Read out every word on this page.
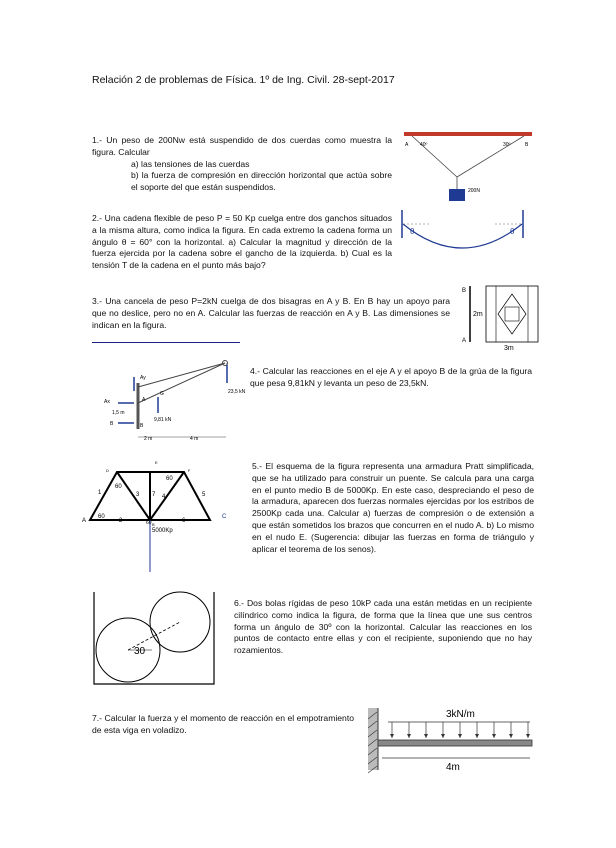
Relación 2 de problemas de Física. 1º de Ing. Civil. 28-sept-2017
1.- Un peso de 200Nw está suspendido de dos cuerdas como muestra la figura. Calcular

a) las tensiones de las cuerdas
b) la fuerza de compresión en dirección horizontal que actúa sobre el soporte del que están suspendidos.
A 40º	30º	B
200N
2.- Una cadena flexible de peso P = 50 Kp cuelga entre dos ganchos situados a la misma altura, como indica la figura. En cada extremo la cadena forma un ángulo θ = 60° con la horizontal. a) Calcular la magnitud y dirección de la fuerza ejercida por la cadena sobre el gancho de la izquierda. b) Cual es la tensión T de la cadena en el punto más bajo?
θ	θ
3.- Una cancela de peso P=2kN cuelga de dos bisagras en A y B. En B hay un apoyo para que no deslice, pero no en A. Calcular las fuerzas de reacción en A y B. Las dimensiones se indican en la figura.
B
A
2m
3m
Ay
Ax	A
B	B
G
1,5 m
9,81 kN
23,5 kN
2 m	4 m
4.- Calcular las reacciones en el eje A y el apoyo B de la grúa de la figura que pesa 9,81kN y levanta un peso de 23,5kN.
E
D	F
1
2
3	4	5
6
7
60
60
60
60
A
C
B
5000Kp
5.- El esquema de la figura representa una armadura Pratt simplificada, que se ha utilizado para construir un puente. Se calcula para una carga en el punto medio B de 5000Kp. En este caso, despreciando el peso de la armadura, aparecen dos fuerzas normales ejercidas por los estribos de 2500Kp cada una. Calcular a) fuerzas de compresión o de extensión a que están sometidos los brazos que concurren en el nudo A. b) Lo mismo en el nudo E. (Sugerencia: dibujar las fuerzas en forma de triángulo y aplicar el teorema de los senos).
30
6.- Dos bolas rígidas de peso 10kP cada una están metidas en un recipiente cilíndrico como indica la figura, de forma que la línea que une sus centros forma un ángulo de 30º con la horizontal. Calcular las reacciones en los puntos de contacto entre ellas y con el recipiente, suponiendo que no hay rozamientos.
7.- Calcular la fuerza y el momento de reacción en el empotramiento de esta viga en voladizo.
3kN/m
4m
